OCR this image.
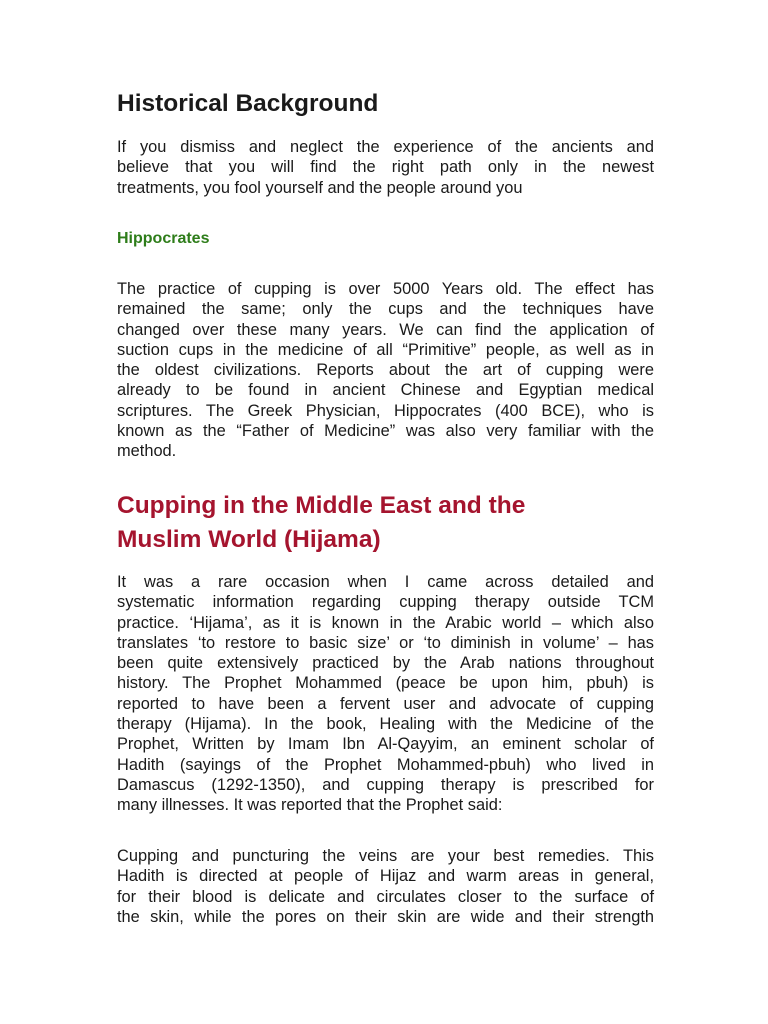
Historical Background
If you dismiss and neglect the experience of the ancients and
believe that you will find the right path only in the newest
treatments, you fool yourself and the people around you
Hippocrates
The practice of cupping is over 5000 Years old. The effect has
remained the same; only the cups and the techniques have
changed over these many years. We can find the application of
suction cups in the medicine of all “Primitive” people, as well as in
the oldest civilizations. Reports about the art of cupping were
already to be found in ancient Chinese and Egyptian medical
scriptures. The Greek Physician, Hippocrates (400 BCE), who is
known as the “Father of Medicine” was also very familiar with the
method.
Cupping in the Middle East and the
Muslim World (Hijama)
It was a rare occasion when I came across detailed and
systematic information regarding cupping therapy outside TCM
practice. ‘Hijama’, as it is known in the Arabic world – which also
translates ‘to restore to basic size’ or ‘to diminish in volume’ – has
been quite extensively practiced by the Arab nations throughout
history. The Prophet Mohammed (peace be upon him, pbuh) is
reported to have been a fervent user and advocate of cupping
therapy (Hijama). In the book, Healing with the Medicine of the
Prophet, Written by Imam Ibn Al-Qayyim, an eminent scholar of
Hadith (sayings of the Prophet Mohammed-pbuh) who lived in
Damascus (1292-1350), and cupping therapy is prescribed for
many illnesses. It was reported that the Prophet said:
Cupping and puncturing the veins are your best remedies. This
Hadith is directed at people of Hijaz and warm areas in general,
for their blood is delicate and circulates closer to the surface of
the skin, while the pores on their skin are wide and their strength
